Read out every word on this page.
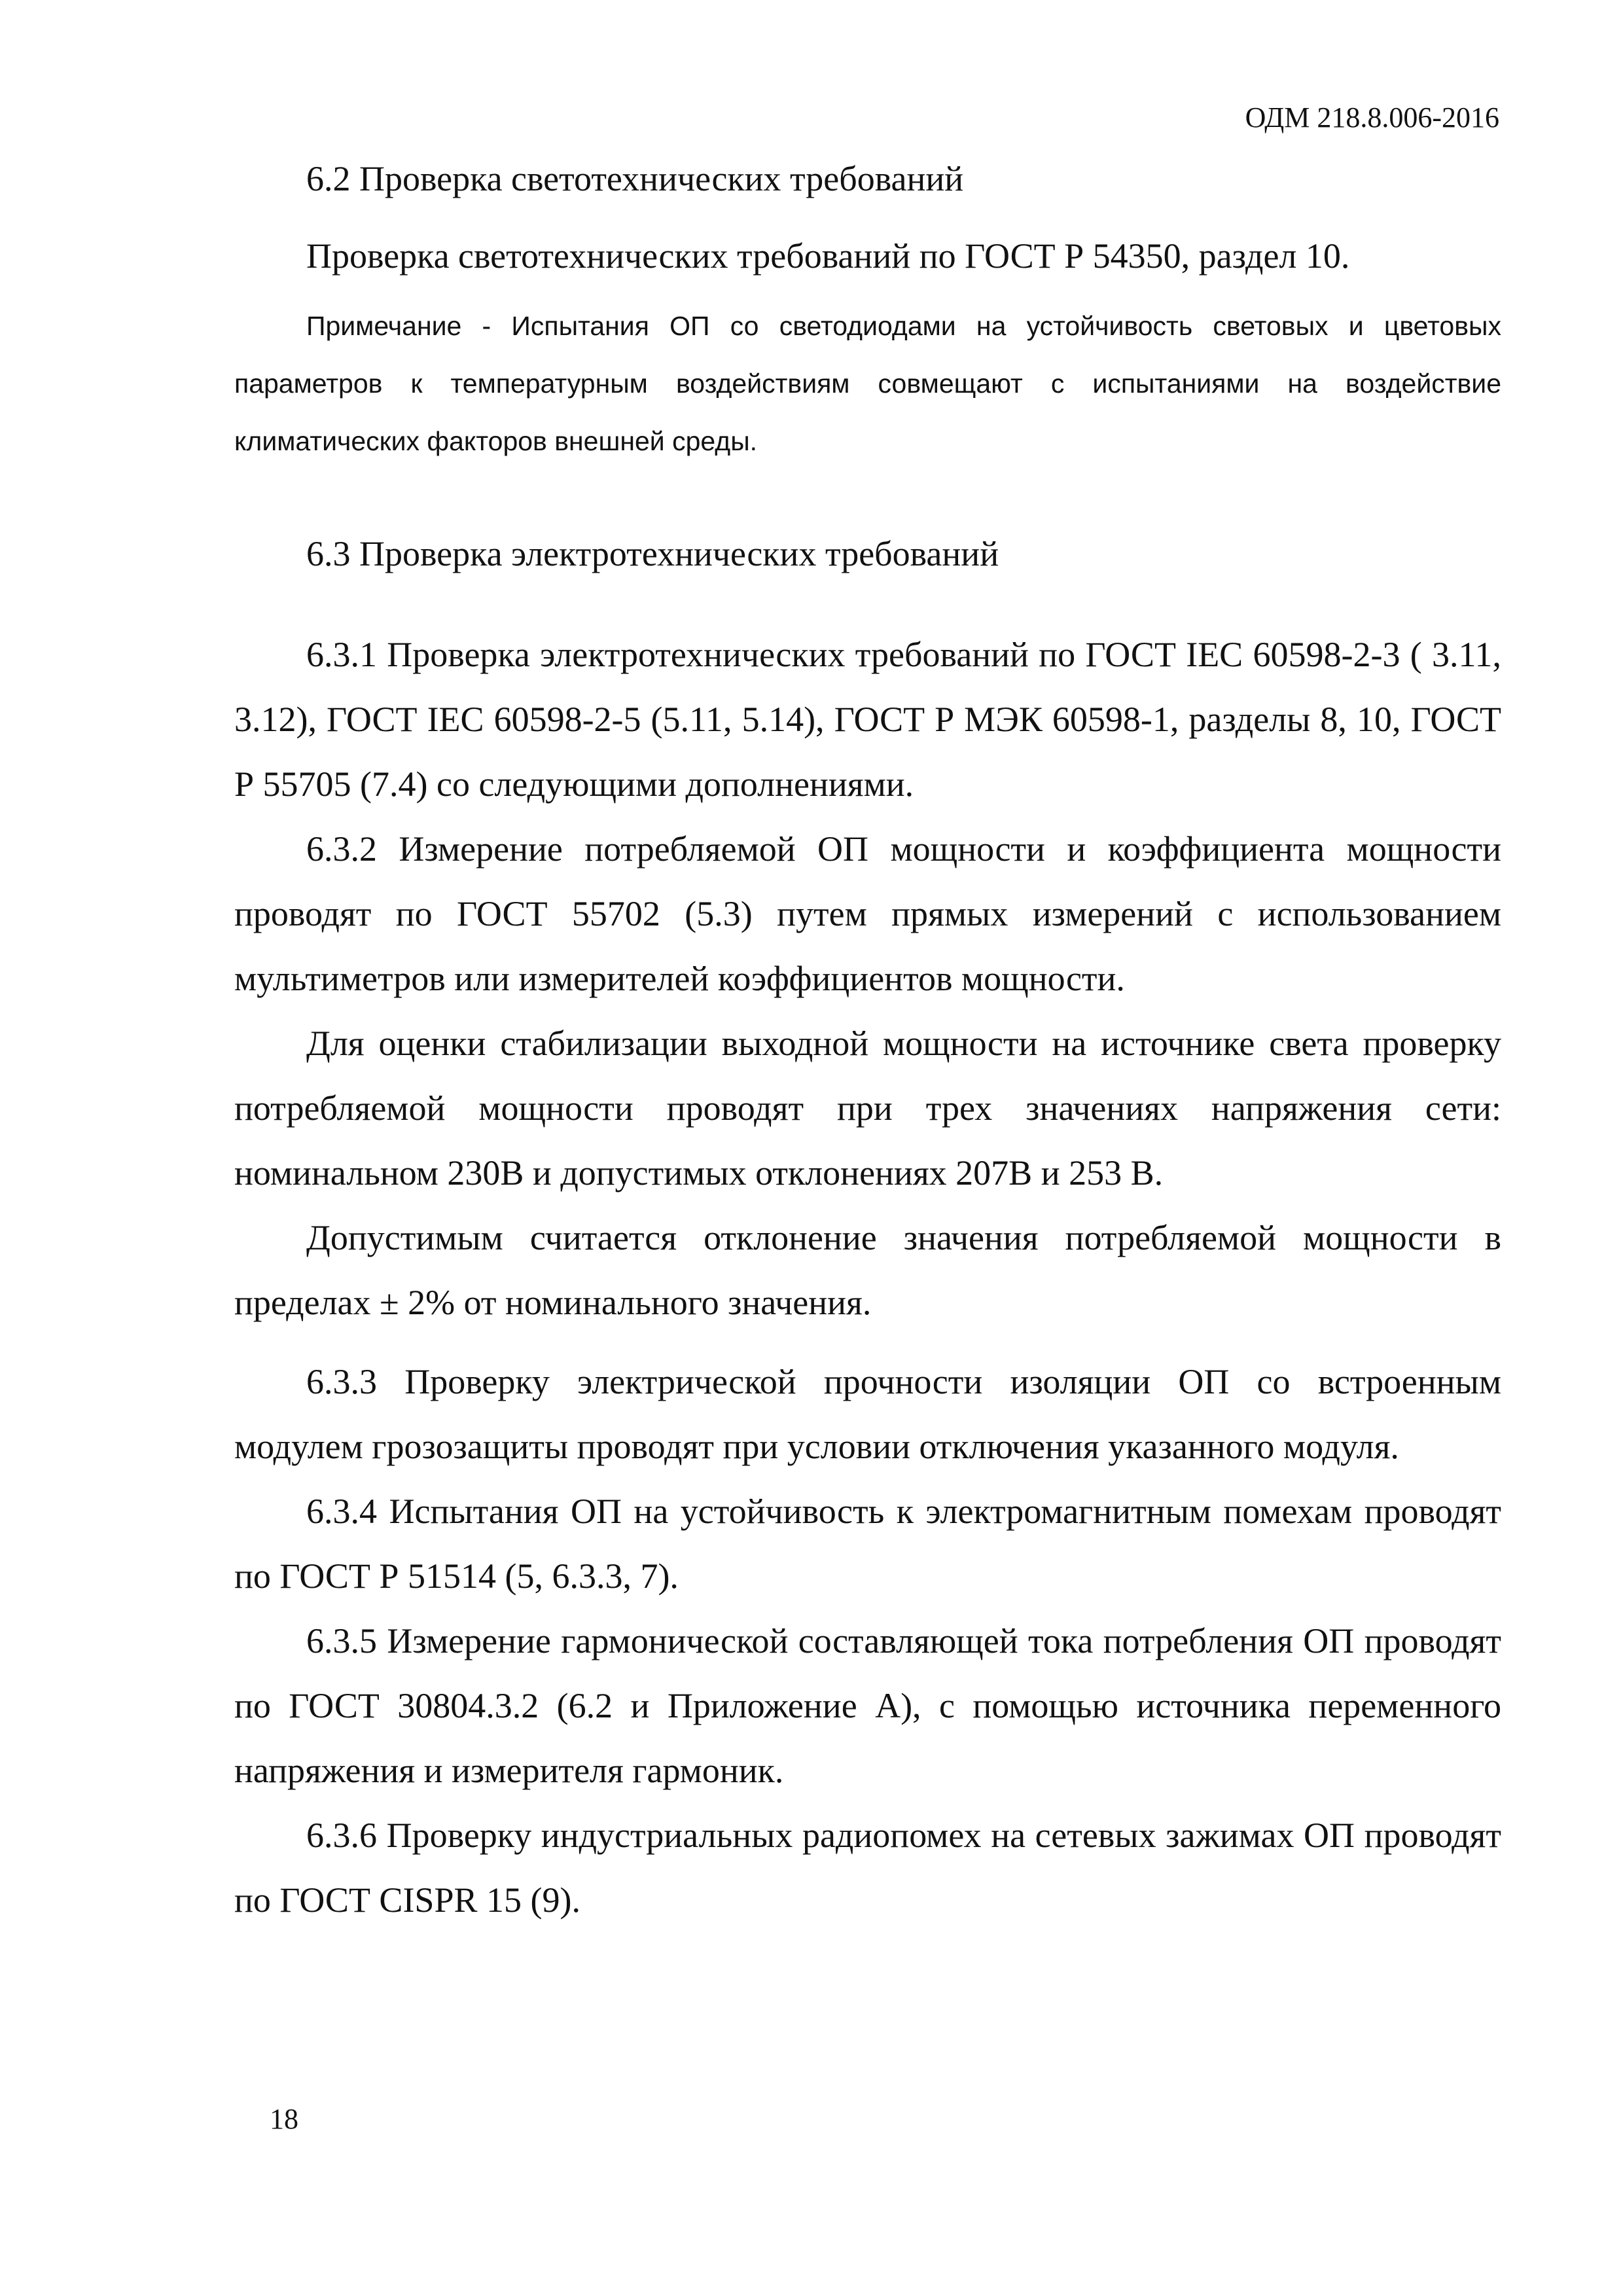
ОДМ 218.8.006-2016

6.2 Проверка светотехнических требований

Проверка светотехнических требований по ГОСТ Р 54350, раздел 10.

Примечание - Испытания ОП со светодиодами на устойчивость световых и цветовых параметров к температурным воздействиям совмещают с испытаниями на воздействие климатических факторов внешней среды.

6.3 Проверка электротехнических требований

6.3.1 Проверка электротехнических требований по ГОСТ IEC 60598-2-3 ( 3.11, 3.12), ГОСТ IEC 60598-2-5 (5.11, 5.14), ГОСТ Р МЭК 60598-1, разделы 8, 10, ГОСТ Р 55705 (7.4) со следующими дополнениями.

6.3.2 Измерение потребляемой ОП мощности и коэффициента мощности проводят по ГОСТ 55702 (5.3) путем прямых измерений с использованием мультиметров или измерителей коэффициентов мощности.

Для оценки стабилизации выходной мощности на источнике света проверку потребляемой мощности проводят при трех значениях напряжения сети: номинальном 230В и допустимых отклонениях 207В и 253 В.

Допустимым считается отклонение значения потребляемой мощности в пределах ± 2% от номинального значения.

6.3.3 Проверку электрической прочности изоляции ОП со встроенным модулем грозозащиты проводят при условии отключения указанного модуля.

6.3.4 Испытания ОП на устойчивость к электромагнитным помехам проводят по ГОСТ Р 51514 (5, 6.3.3, 7).

6.3.5 Измерение гармонической составляющей тока потребления ОП проводят по ГОСТ 30804.3.2 (6.2 и Приложение А), с помощью источника переменного напряжения и измерителя гармоник.

6.3.6 Проверку индустриальных радиопомех на сетевых зажимах ОП проводят по ГОСТ CISPR 15 (9).

18
